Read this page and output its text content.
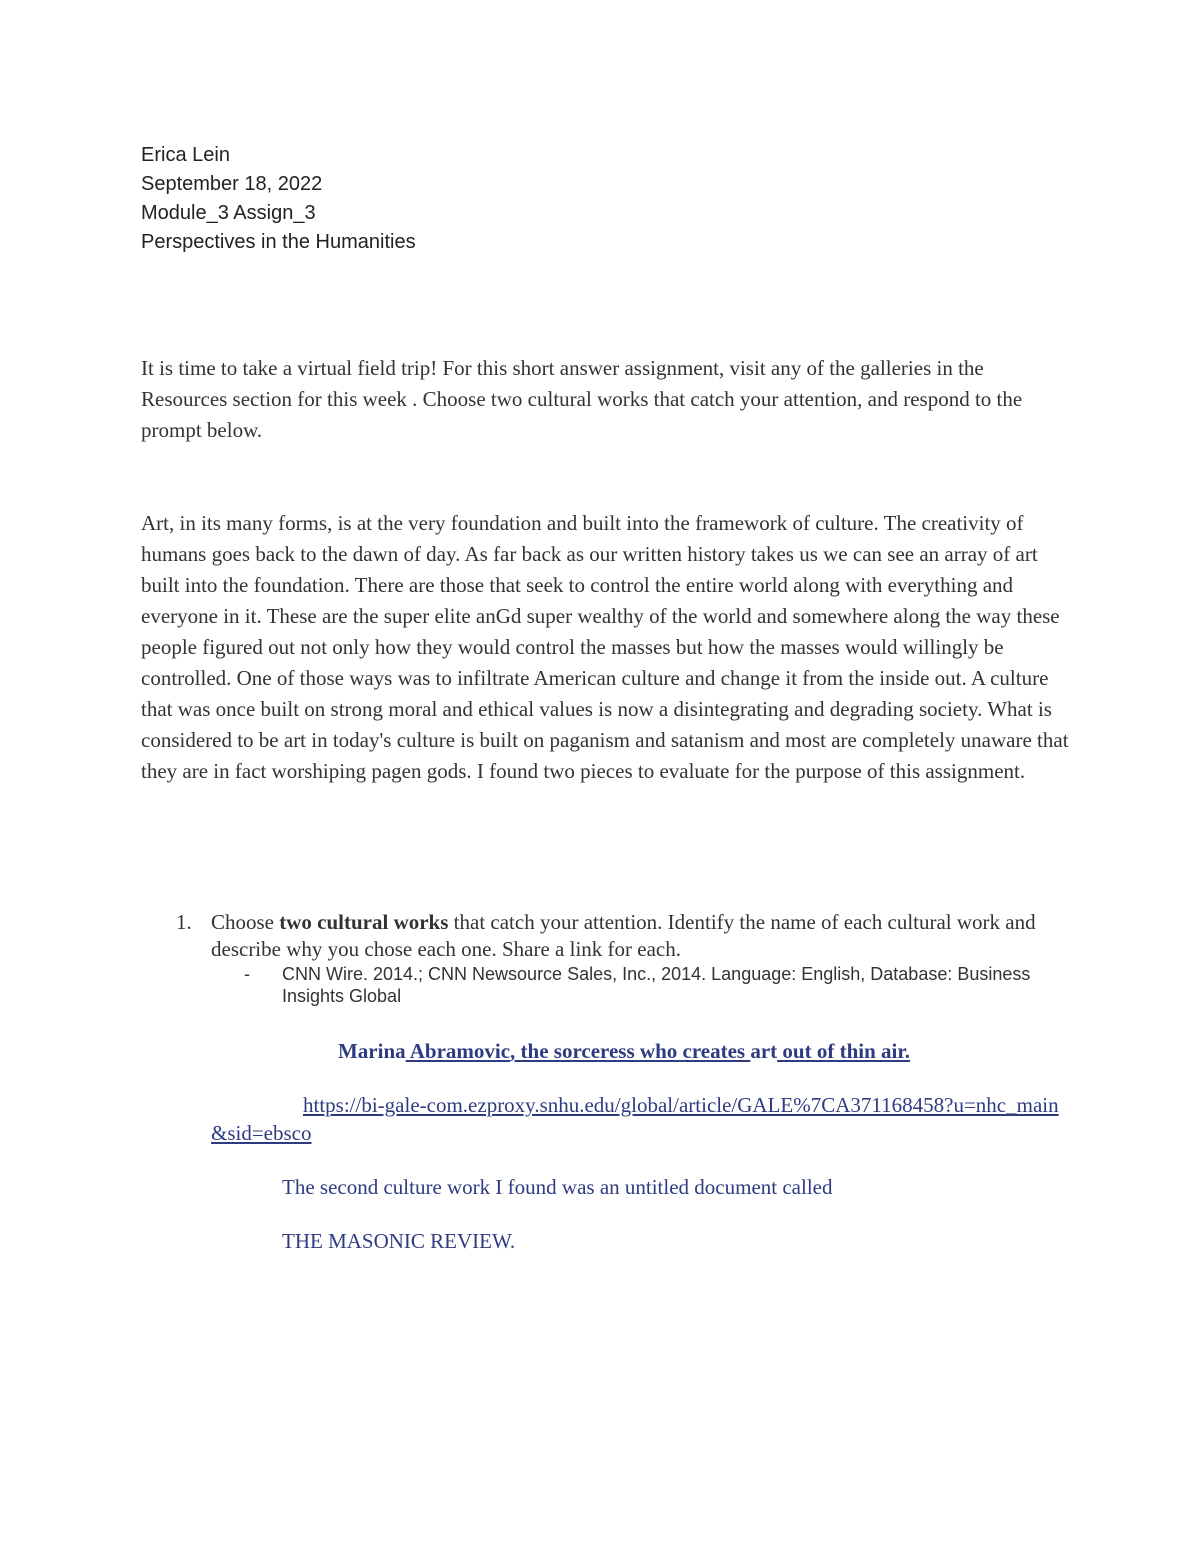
Erica Lein
September 18, 2022
Module_3 Assign_3
Perspectives in the Humanities
It is time to take a virtual field trip! For this short answer assignment, visit any of the galleries in the Resources section for this week . Choose two cultural works that catch your attention, and respond to the prompt below.
Art, in its many forms, is at the very foundation and built into the framework of culture. The creativity of humans goes back to the dawn of day. As far back as our written history takes us we can see an array of art built into the foundation. There are those that seek to control the entire world along with everything and everyone in it. These are the super elite anGd super wealthy of the world and somewhere along the way these people figured out not only how they would control the masses but how the masses would willingly be controlled. One of those ways was to infiltrate American culture and change it from the inside out. A culture that was once built on strong moral and ethical values is now a disintegrating and degrading society. What is considered to be art in today's culture is built on paganism and satanism and most are completely unaware that they are in fact worshiping pagen gods. I found two pieces to evaluate for the purpose of this assignment.
1. Choose two cultural works that catch your attention. Identify the name of each cultural work and describe why you chose each one. Share a link for each.
- CNN Wire. 2014.; CNN Newsource Sales, Inc., 2014. Language: English, Database: Business Insights Global
Marina Abramovic, the sorceress who creates art out of thin air.
https://bi-gale-com.ezproxy.snhu.edu/global/article/GALE%7CA371168458?u=nhc_main&sid=ebsco
The second culture work I found was an untitled document called
THE MASONIC REVIEW.
